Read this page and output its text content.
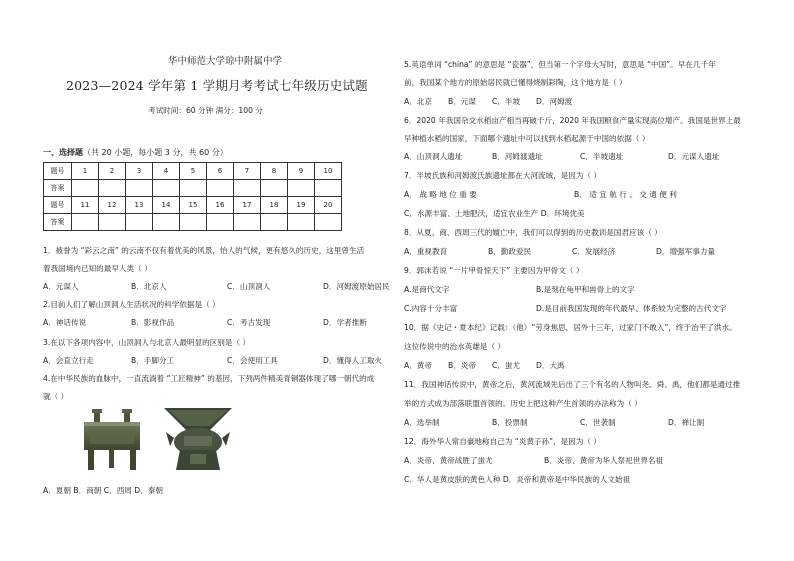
华中师范大学琼中附属中学
2023—2024 学年第 1 学期月考考试七年级历史试题
考试时间：60 分钟 满分：100 分
一、选择题（共 20 小题，每小题 3 分，共 60 分）
题号	1	2	3	4	5	6	7	8	9	10
答案										
题号	11	12	13	14	15	16	17	18	19	20
答案										
1．被誉为 “彩云之南” 的云南不仅有着优美的风景，怡人的气候，更有悠久的历史，这里曾生活
着我国境内已知的最早人类（ ）
A．元谋人	B．北京人	C．山顶洞人	D．河姆渡原始居民
2.目前人们了解山顶洞人生活状况的科学依据是（ ）
A．神话传说	B．影视作品	C．考古发现	D．学者推断
3.在以下各项内容中，山顶洞人与北京人最明显的区别是（ ）
A．会直立行走	B．手脚分工	C．会使用工具	D．懂得人工取火
4.在中华民族的血脉中，一直流淌着 “工匠精神” 的基因，下列两件精美青铜器体现了哪一朝代的成
就（ ）
A．夏朝 B．商朝 C．西周 D．秦朝
5.英语单词 “china” 的意思是 “瓷器”，但当第一个字母大写时，意思是 “中国”。早在几千年
前，我国某个地方的原始居民就已懂得烧制彩陶，这个地方是（ ）
A．北京 B．元谋 C．半坡 D．河姆渡
6．2020 年我国杂交水稻亩产相当再破千斤，2020 年我国粮食产量实现高位增产。我国是世界上最
早种植水稻的国家，下面哪个遗址中可以找到水稻起源于中国的依据（ ）
A．山顶洞人遗址	B．河姆渡遗址	C．半坡遗址	D．元谋人遗址
7．半坡氏族和河姆渡氏族遗址都在大河流域，是因为（ ）
A． 战 略 地 位 重 要	B． 适 宜 航 行 、 交 通 便 利
C．水源丰富、土地肥沃，适宜农业生产 D．环境优美
8．从夏、商、西周三代的嬗亡中，我们可以得到的历史教训是国君应该（ ）
A．重视教育	B．勤政爱民	C．发展经济	D．增强军事力量
9．郭沫若说 “一片甲骨惊天下” 主要因为甲骨文（ ）
A.是商代文字	B.是刻在龟甲和兽骨上的文字
C.内容十分丰富	D.是目前我国发现的年代最早、体系较为完整的古代文字
10．据《史记・夏本纪》记载：（他）“劳身焦思，居外十三年，过家门不敢入”，终于治平了洪水。
这位传说中的治水英雄是（ ）
A．黄帝 B．炎帝 C．蚩尤 D．大禹
11．我国神话传说中，黄帝之后，黄河流域先后出了三个有名的人物叫尧、舜、禹，他们都是通过推
举的方式成为部落联盟首领的。历史上把这种产生首领的办法称为（ ）
A．选举制	B．投票制	C．世袭制	D．禅让制
12．海外华人常自豪地称自己为 “炎黄子孙”，是因为（ ）
A．炎帝、黄帝战胜了蚩尤	B．炎帝、黄帝为华人祭祀世界名祖
C．华人是黄皮肤的黄色人种 D．炎帝和黄帝是中华民族的人文始祖
